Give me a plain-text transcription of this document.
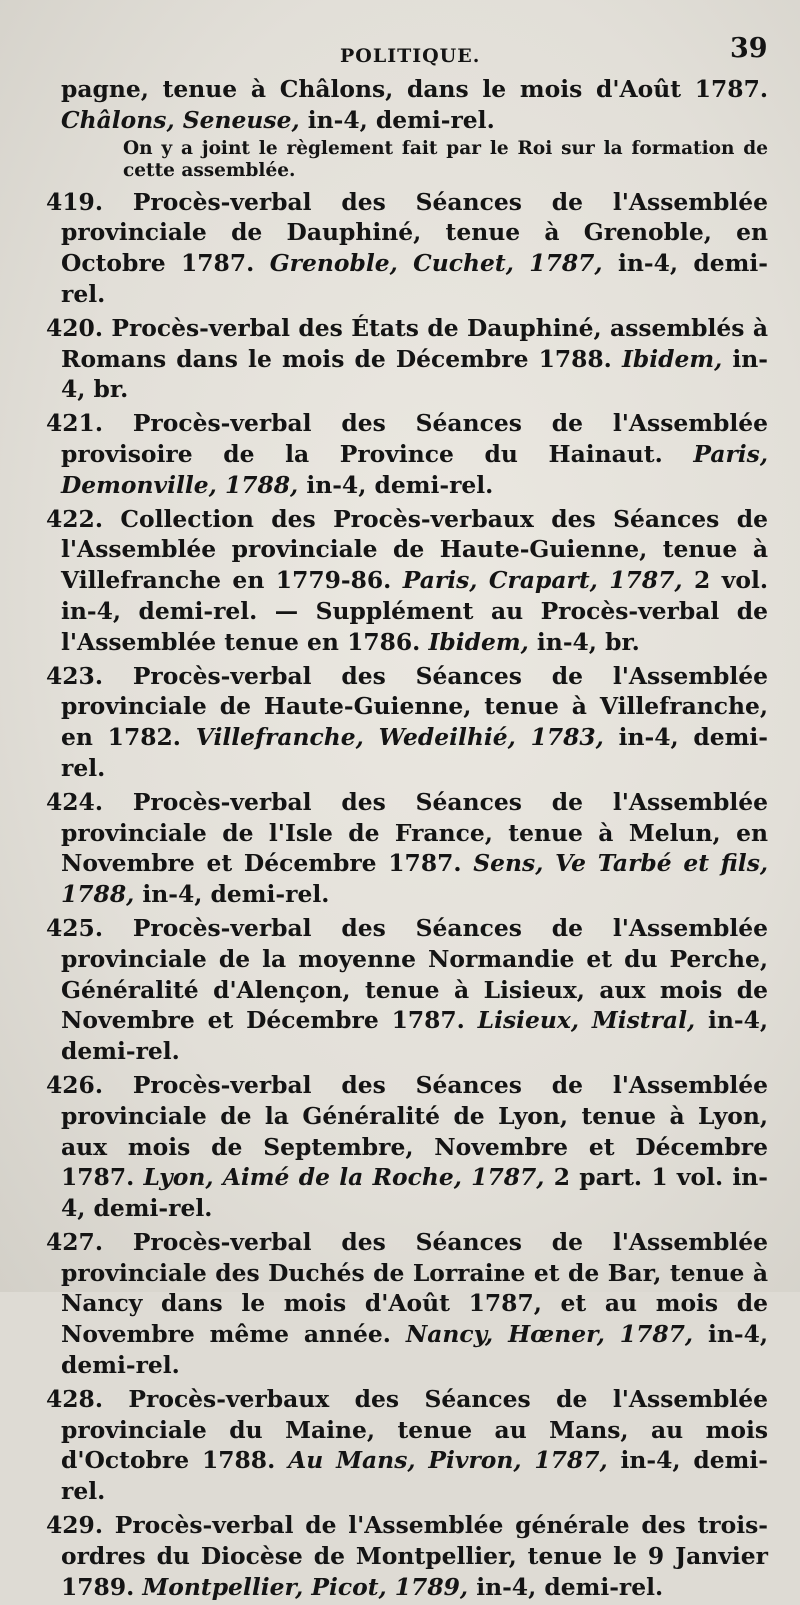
POLITIQUE.	39
pagne, tenue à Châlons, dans le mois d'Août 1787. Châlons, Seneuse, in-4, demi-rel.
On y a joint le règlement fait par le Roi sur la formation de cette assemblée.
419. Procès-verbal des Séances de l'Assemblée provinciale de Dauphiné, tenue à Grenoble, en Octobre 1787. Grenoble, Cuchet, 1787, in-4, demi-rel.
420. Procès-verbal des États de Dauphiné, assemblés à Romans dans le mois de Décembre 1788. Ibidem, in-4, br.
421. Procès-verbal des Séances de l'Assemblée provisoire de la Province du Hainaut. Paris, Demonville, 1788, in-4, demi-rel.
422. Collection des Procès-verbaux des Séances de l'Assemblée provinciale de Haute-Guienne, tenue à Villefranche en 1779-86. Paris, Crapart, 1787, 2 vol. in-4, demi-rel. — Supplément au Procès-verbal de l'Assemblée tenue en 1786. Ibidem, in-4, br.
423. Procès-verbal des Séances de l'Assemblée provinciale de Haute-Guienne, tenue à Villefranche, en 1782. Villefranche, Wedeilhié, 1783, in-4, demi-rel.
424. Procès-verbal des Séances de l'Assemblée provinciale de l'Isle de France, tenue à Melun, en Novembre et Décembre 1787. Sens, Ve Tarbé et fils, 1788, in-4, demi-rel.
425. Procès-verbal des Séances de l'Assemblée provinciale de la moyenne Normandie et du Perche, Généralité d'Alençon, tenue à Lisieux, aux mois de Novembre et Décembre 1787. Lisieux, Mistral, in-4, demi-rel.
426. Procès-verbal des Séances de l'Assemblée provinciale de la Généralité de Lyon, tenue à Lyon, aux mois de Septembre, Novembre et Décembre 1787. Lyon, Aimé de la Roche, 1787, 2 part. 1 vol. in-4, demi-rel.
427. Procès-verbal des Séances de l'Assemblée provinciale des Duchés de Lorraine et de Bar, tenue à Nancy dans le mois d'Août 1787, et au mois de Novembre même année. Nancy, Hœner, 1787, in-4, demi-rel.
428. Procès-verbaux des Séances de l'Assemblée provinciale du Maine, tenue au Mans, au mois d'Octobre 1788. Au Mans, Pivron, 1787, in-4, demi-rel.
429. Procès-verbal de l'Assemblée générale des trois-ordres du Diocèse de Montpellier, tenue le 9 Janvier 1789. Montpellier, Picot, 1789, in-4, demi-rel.
